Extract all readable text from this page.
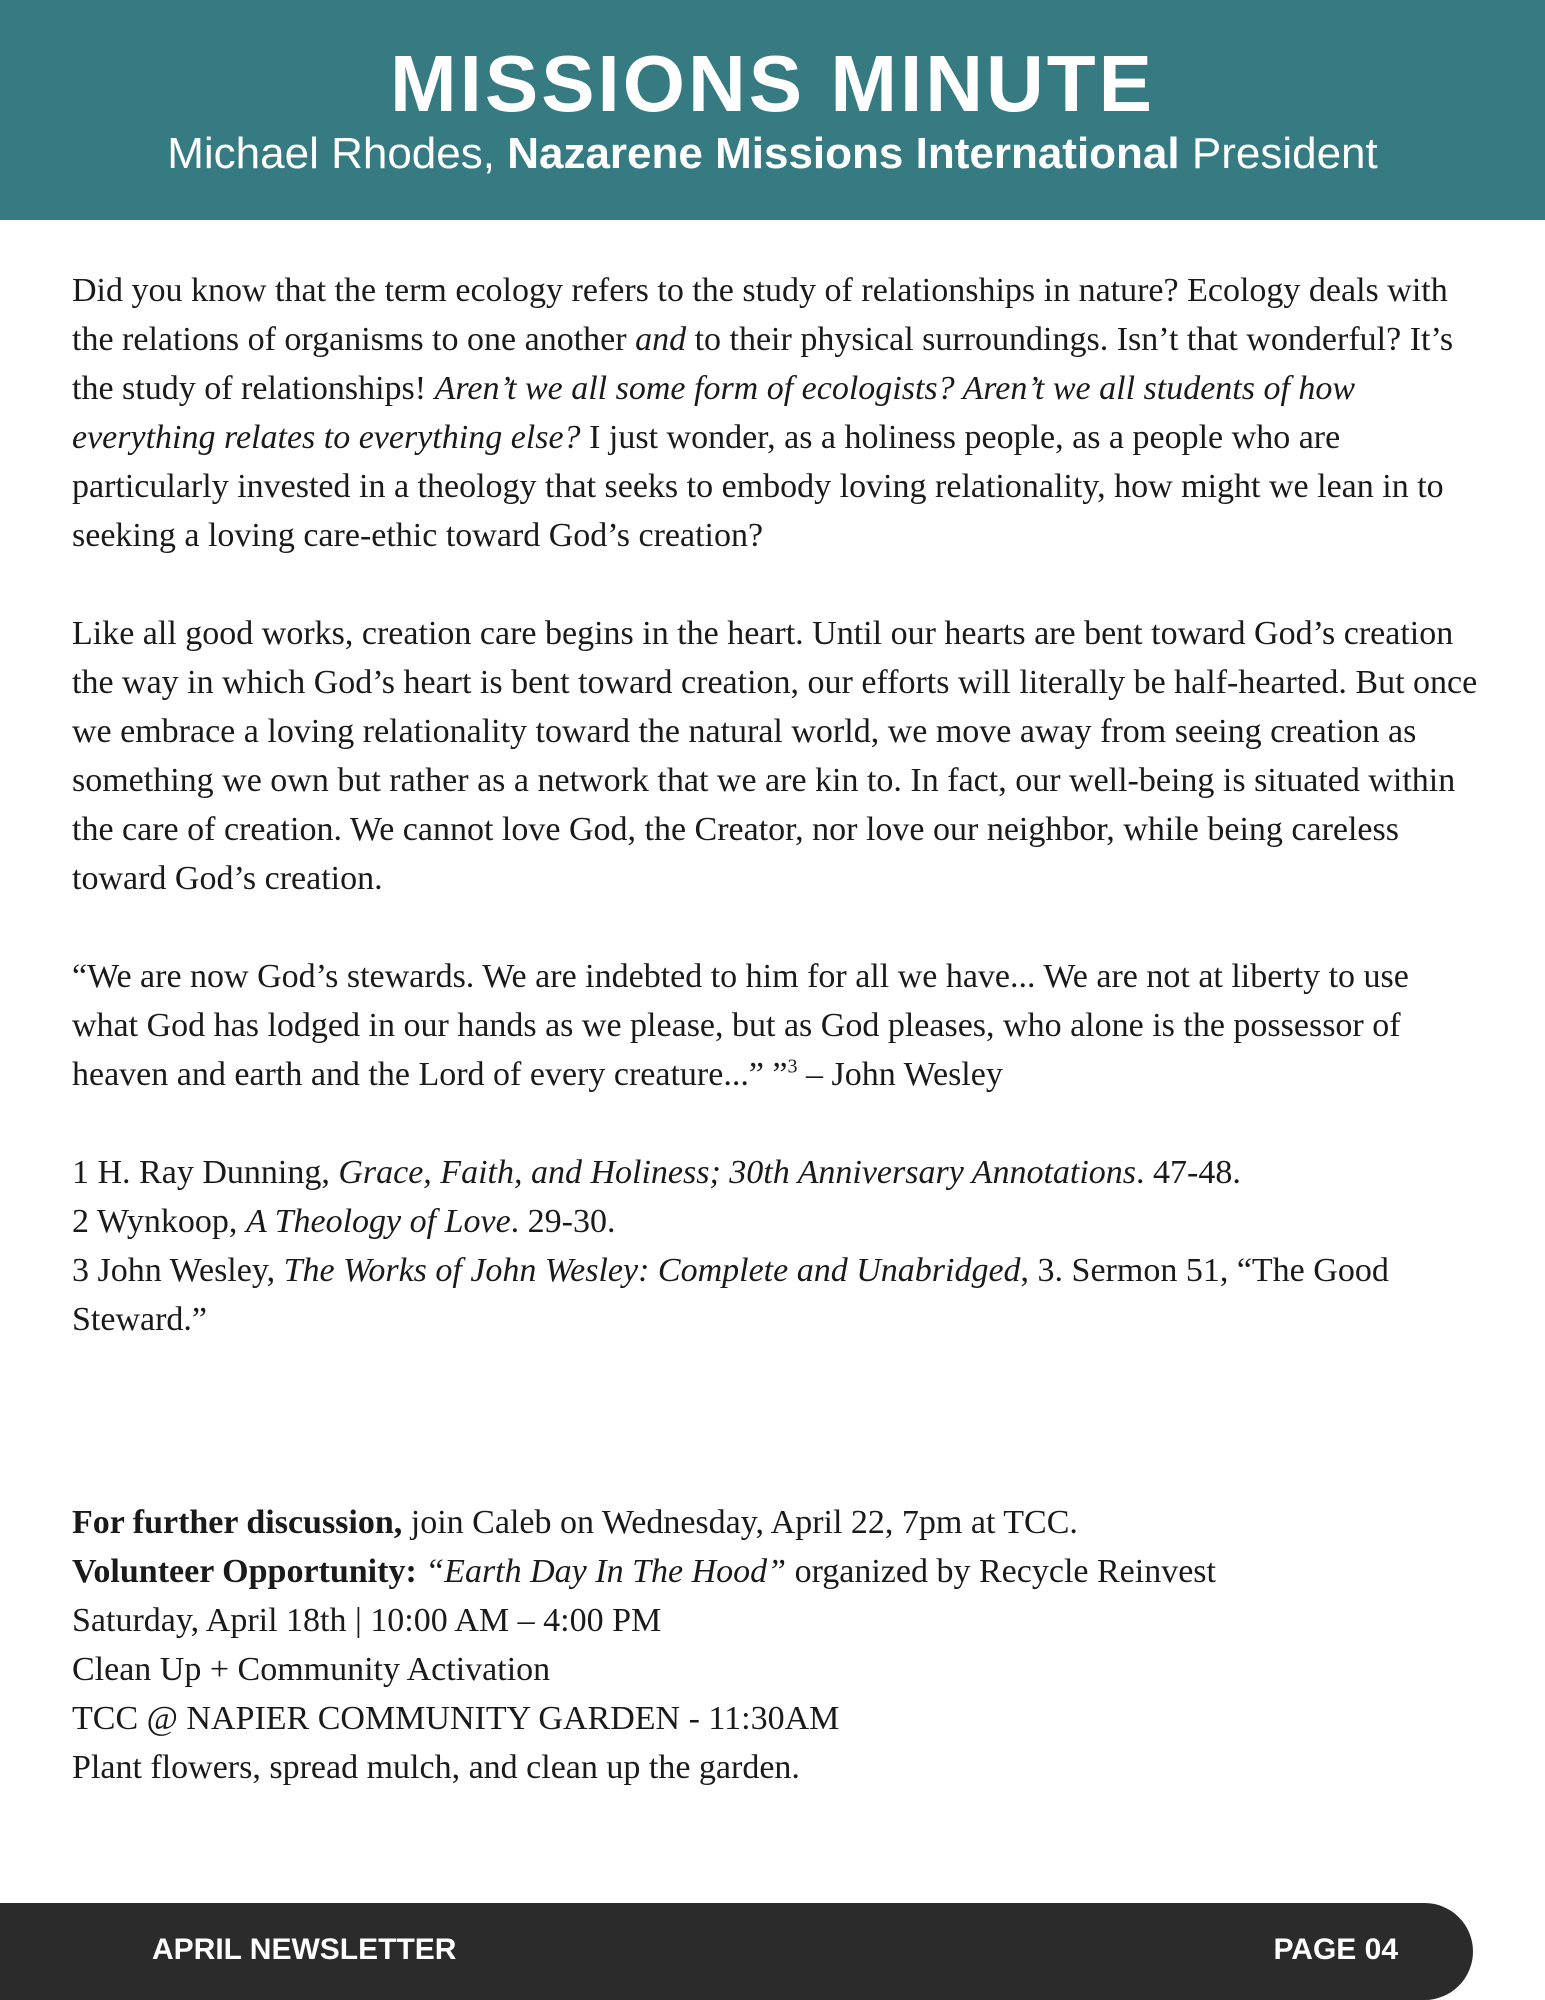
MISSIONS MINUTE
Michael Rhodes, Nazarene Missions International President

Did you know that the term ecology refers to the study of relationships in nature? Ecology deals with the relations of organisms to one another and to their physical surroundings. Isn’t that wonderful? It’s the study of relationships! Aren’t we all some form of ecologists? Aren’t we all students of how everything relates to everything else? I just wonder, as a holiness people, as a people who are particularly invested in a theology that seeks to embody loving relationality, how might we lean in to seeking a loving care-ethic toward God’s creation?

Like all good works, creation care begins in the heart. Until our hearts are bent toward God’s creation the way in which God’s heart is bent toward creation, our efforts will literally be half-hearted. But once we embrace a loving relationality toward the natural world, we move away from seeing creation as something we own but rather as a network that we are kin to. In fact, our well-being is situated within the care of creation. We cannot love God, the Creator, nor love our neighbor, while being careless toward God’s creation.

“We are now God’s stewards. We are indebted to him for all we have... We are not at liberty to use what God has lodged in our hands as we please, but as God pleases, who alone is the possessor of heaven and earth and the Lord of every creature...” ”$^3$ – John Wesley

1 H. Ray Dunning, Grace, Faith, and Holiness; 30th Anniversary Annotations. 47-48.

2 Wynkoop, A Theology of Love. 29-30.

3 John Wesley, The Works of John Wesley: Complete and Unabridged, 3. Sermon 51, “The Good Steward.”

For further discussion, join Caleb on Wednesday, April 22, 7pm at TCC.

Volunteer Opportunity: “Earth Day In The Hood” organized by Recycle Reinvest

Saturday, April 18th | 10:00 AM – 4:00 PM

Clean Up + Community Activation

TCC @ NAPIER COMMUNITY GARDEN - 11:30AM

Plant flowers, spread mulch, and clean up the garden.

APRIL NEWSLETTER	PAGE 04
